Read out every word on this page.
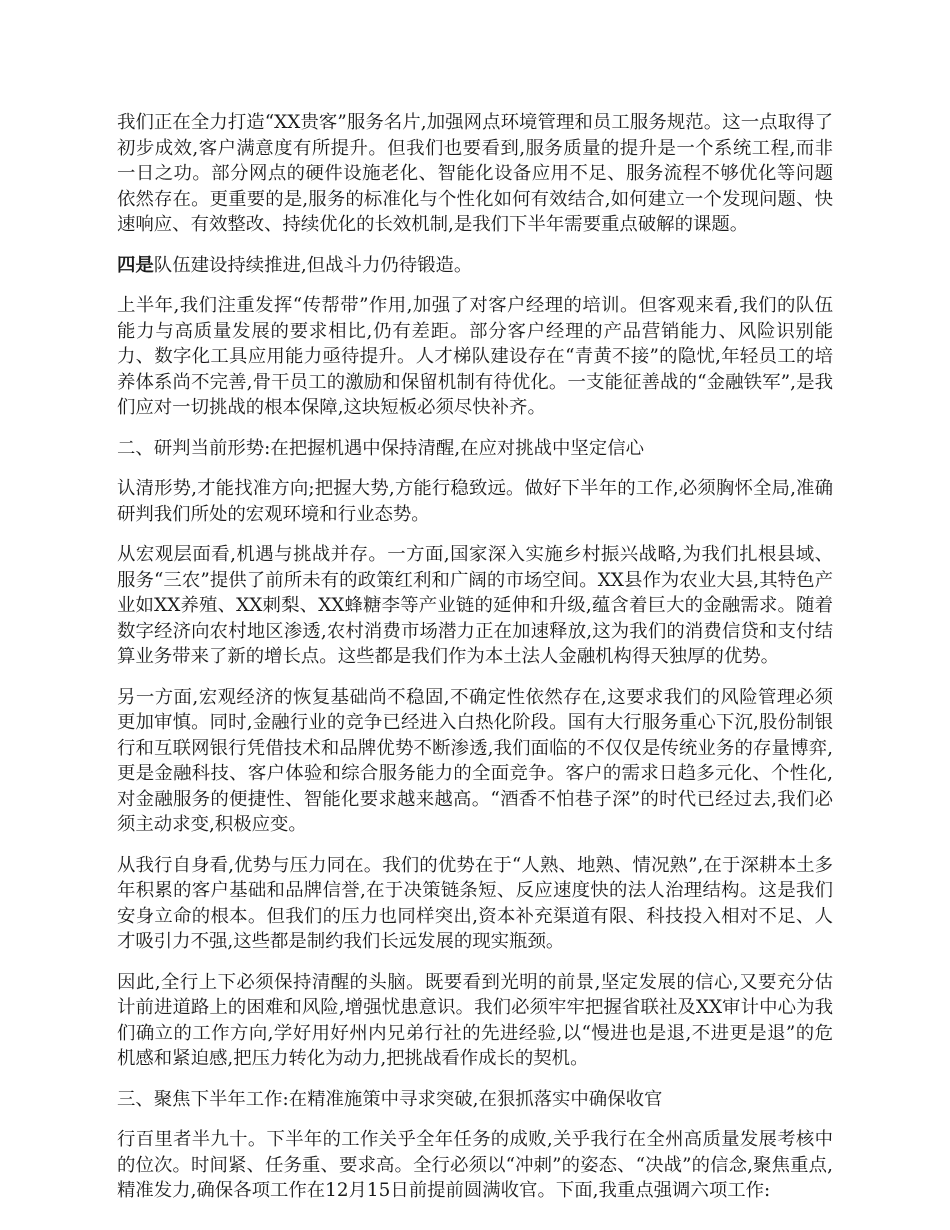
我们正在全力打造“XX贵客”服务名片,加强网点环境管理和员工服务规范。这一点取得了初步成效,客户满意度有所提升。但我们也要看到,服务质量的提升是一个系统工程,而非一日之功。部分网点的硬件设施老化、智能化设备应用不足、服务流程不够优化等问题依然存在。更重要的是,服务的标准化与个性化如何有效结合,如何建立一个发现问题、快速响应、有效整改、持续优化的长效机制,是我们下半年需要重点破解的课题。

四是队伍建设持续推进,但战斗力仍待锻造。

上半年,我们注重发挥“传帮带”作用,加强了对客户经理的培训。但客观来看,我们的队伍能力与高质量发展的要求相比,仍有差距。部分客户经理的产品营销能力、风险识别能力、数字化工具应用能力亟待提升。人才梯队建设存在“青黄不接”的隐忧,年轻员工的培养体系尚不完善,骨干员工的激励和保留机制有待优化。一支能征善战的“金融铁军”,是我们应对一切挑战的根本保障,这块短板必须尽快补齐。

二、研判当前形势:在把握机遇中保持清醒,在应对挑战中坚定信心

认清形势,才能找准方向;把握大势,方能行稳致远。做好下半年的工作,必须胸怀全局,准确研判我们所处的宏观环境和行业态势。

从宏观层面看,机遇与挑战并存。一方面,国家深入实施乡村振兴战略,为我们扎根县域、服务“三农”提供了前所未有的政策红利和广阔的市场空间。XX县作为农业大县,其特色产业如XX养殖、XX刺梨、XX蜂糖李等产业链的延伸和升级,蕴含着巨大的金融需求。随着数字经济向农村地区渗透,农村消费市场潜力正在加速释放,这为我们的消费信贷和支付结算业务带来了新的增长点。这些都是我们作为本土法人金融机构得天独厚的优势。

另一方面,宏观经济的恢复基础尚不稳固,不确定性依然存在,这要求我们的风险管理必须更加审慎。同时,金融行业的竞争已经进入白热化阶段。国有大行服务重心下沉,股份制银行和互联网银行凭借技术和品牌优势不断渗透,我们面临的不仅仅是传统业务的存量博弈,更是金融科技、客户体验和综合服务能力的全面竞争。客户的需求日趋多元化、个性化,对金融服务的便捷性、智能化要求越来越高。“酒香不怕巷子深”的时代已经过去,我们必须主动求变,积极应变。

从我行自身看,优势与压力同在。我们的优势在于“人熟、地熟、情况熟”,在于深耕本土多年积累的客户基础和品牌信誉,在于决策链条短、反应速度快的法人治理结构。这是我们安身立命的根本。但我们的压力也同样突出,资本补充渠道有限、科技投入相对不足、人才吸引力不强,这些都是制约我们长远发展的现实瓶颈。

因此,全行上下必须保持清醒的头脑。既要看到光明的前景,坚定发展的信心,又要充分估计前进道路上的困难和风险,增强忧患意识。我们必须牢牢把握省联社及XX审计中心为我们确立的工作方向,学好用好州内兄弟行社的先进经验,以“慢进也是退,不进更是退”的危机感和紧迫感,把压力转化为动力,把挑战看作成长的契机。

三、聚焦下半年工作:在精准施策中寻求突破,在狠抓落实中确保收官

行百里者半九十。下半年的工作关乎全年任务的成败,关乎我行在全州高质量发展考核中的位次。时间紧、任务重、要求高。全行必须以“冲刺”的姿态、“决战”的信念,聚焦重点,精准发力,确保各项工作在12月15日前提前圆满收官。下面,我重点强调六项工作:
